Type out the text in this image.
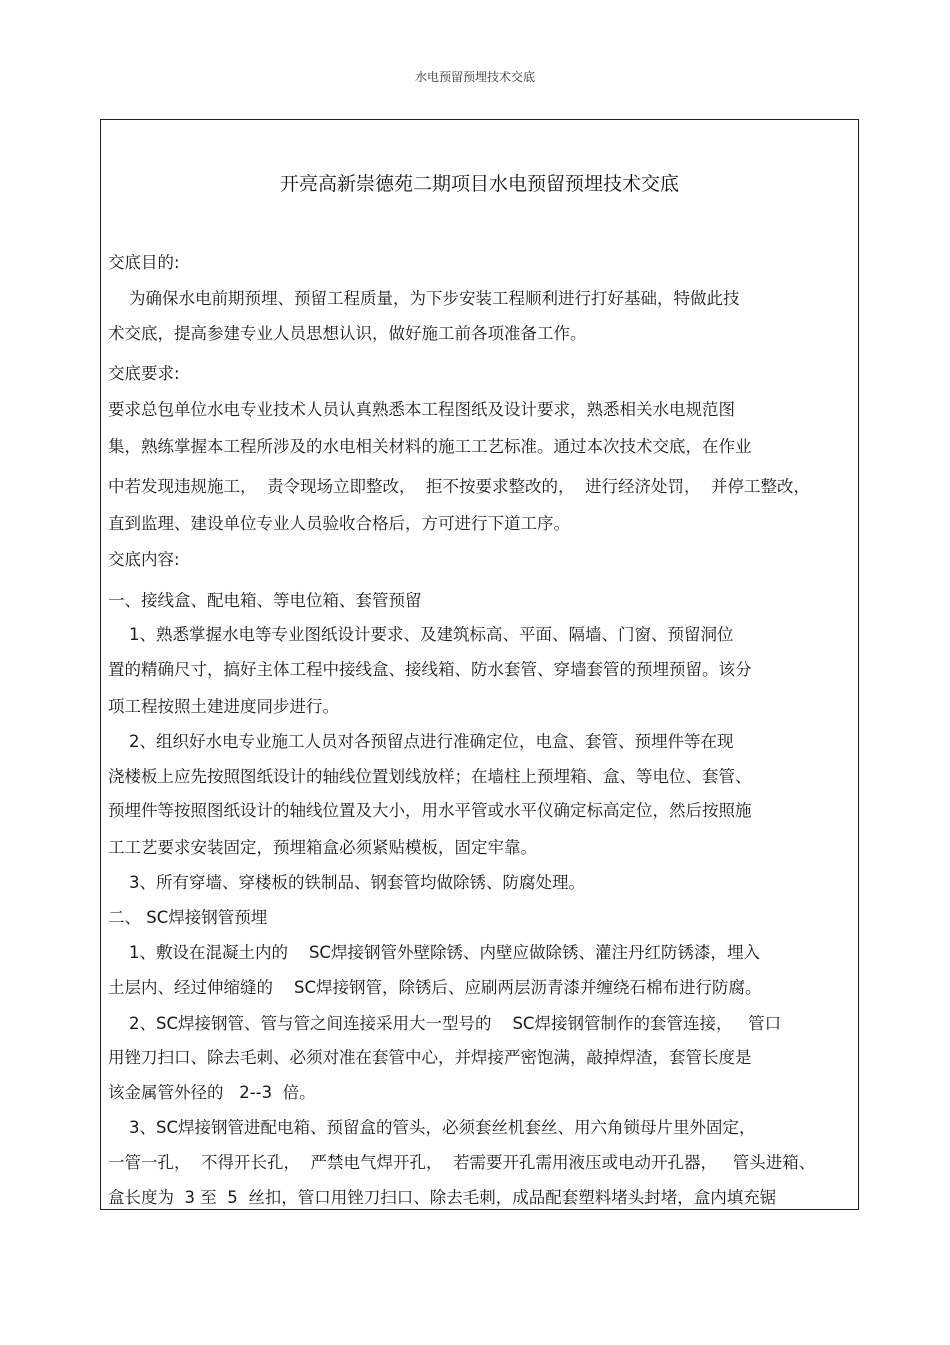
水电预留预埋技术交底
开亮高新崇德苑二期项目水电预留预埋技术交底
交底目的:
为确保水电前期预埋、预留工程质量，为下步安装工程顺利进行打好基础，特做此技
术交底，提高参建专业人员思想认识，做好施工前各项准备工作。
交底要求:
要求总包单位水电专业技术人员认真熟悉本工程图纸及设计要求，熟悉相关水电规范图
集，熟练掌握本工程所涉及的水电相关材料的施工工艺标准。通过本次技术交底，在作业
中若发现违规施工，  责令现场立即整改，  拒不按要求整改的，  进行经济处罚，  并停工整改，
直到监理、建设单位专业人员验收合格后，方可进行下道工序。
交底内容:
一、接线盒、配电箱、等电位箱、套管预留
1、熟悉掌握水电等专业图纸设计要求、及建筑标高、平面、隔墙、门窗、预留洞位
置的精确尺寸，搞好主体工程中接线盒、接线箱、防水套管、穿墙套管的预埋预留。该分
项工程按照土建进度同步进行。
2、组织好水电专业施工人员对各预留点进行准确定位，电盒、套管、预埋件等在现
浇楼板上应先按照图纸设计的轴线位置划线放样；在墙柱上预埋箱、盒、等电位、套管、
预埋件等按照图纸设计的轴线位置及大小，用水平管或水平仪确定标高定位，然后按照施
工工艺要求安装固定，预埋箱盒必须紧贴模板，固定牢靠。
3、所有穿墙、穿楼板的铁制品、钢套管均做除锈、防腐处理。
二、 SC焊接钢管预埋
1、敷设在混凝土内的    SC焊接钢管外壁除锈、内壁应做除锈、灌注丹红防锈漆，埋入
土层内、经过伸缩缝的    SC焊接钢管，除锈后、应刷两层沥青漆并缠绕石棉布进行防腐。
2、SC焊接钢管、管与管之间连接采用大一型号的    SC焊接钢管制作的套管连接，   管口
用锉刀扫口、除去毛刺、必须对准在套管中心，并焊接严密饱满，敲掉焊渣，套管长度是
该金属管外径的   2--3  倍。
3、SC焊接钢管进配电箱、预留盒的管头，必须套丝机套丝、用六角锁母片里外固定，
一管一孔，  不得开长孔，  严禁电气焊开孔，  若需要开孔需用液压或电动开孔器，   管头进箱、
盒长度为  3 至  5  丝扣，管口用锉刀扫口、除去毛刺，成品配套塑料堵头封堵，盒内填充锯
